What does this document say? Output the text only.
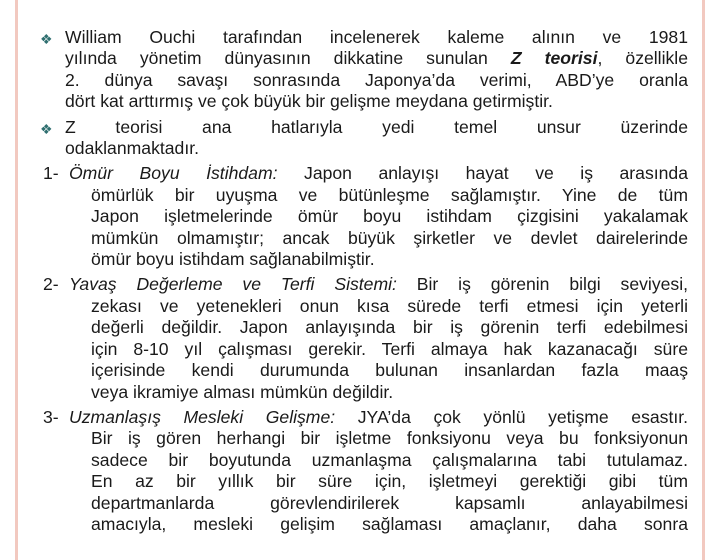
❖ William Ouchi tarafından incelenerek kaleme alının ve 1981
yılında yönetim dünyasının dikkatine sunulan Z teorisi, özellikle
2. dünya savaşı sonrasında Japonya’da verimi, ABD’ye oranla
dört kat arttırmış ve çok büyük bir gelişme meydana getirmiştir.
❖ Z teorisi ana hatlarıyla yedi temel unsur üzerinde
odaklanmaktadır.
1- Ömür Boyu İstihdam: Japon anlayışı hayat ve iş arasında
ömürlük bir uyuşma ve bütünleşme sağlamıştır. Yine de tüm
Japon işletmelerinde ömür boyu istihdam çizgisini yakalamak
mümkün olmamıştır; ancak büyük şirketler ve devlet dairelerinde
ömür boyu istihdam sağlanabilmiştir.
2- Yavaş Değerleme ve Terfi Sistemi: Bir iş görenin bilgi seviyesi,
zekası ve yetenekleri onun kısa sürede terfi etmesi için yeterli
değerli değildir. Japon anlayışında bir iş görenin terfi edebilmesi
için 8-10 yıl çalışması gerekir. Terfi almaya hak kazanacağı süre
içerisinde kendi durumunda bulunan insanlardan fazla maaş
veya ikramiye alması mümkün değildir.
3- Uzmanlaşış Mesleki Gelişme: JYA’da çok yönlü yetişme esastır.
Bir iş gören herhangi bir işletme fonksiyonu veya bu fonksiyonun
sadece bir boyutunda uzmanlaşma çalışmalarına tabi tutulamaz.
En az bir yıllık bir süre için, işletmeyi gerektiği gibi tüm
departmanlarda görevlendirilerek kapsamlı anlayabilmesi
amacıyla, mesleki gelişim sağlaması amaçlanır, daha sonra
